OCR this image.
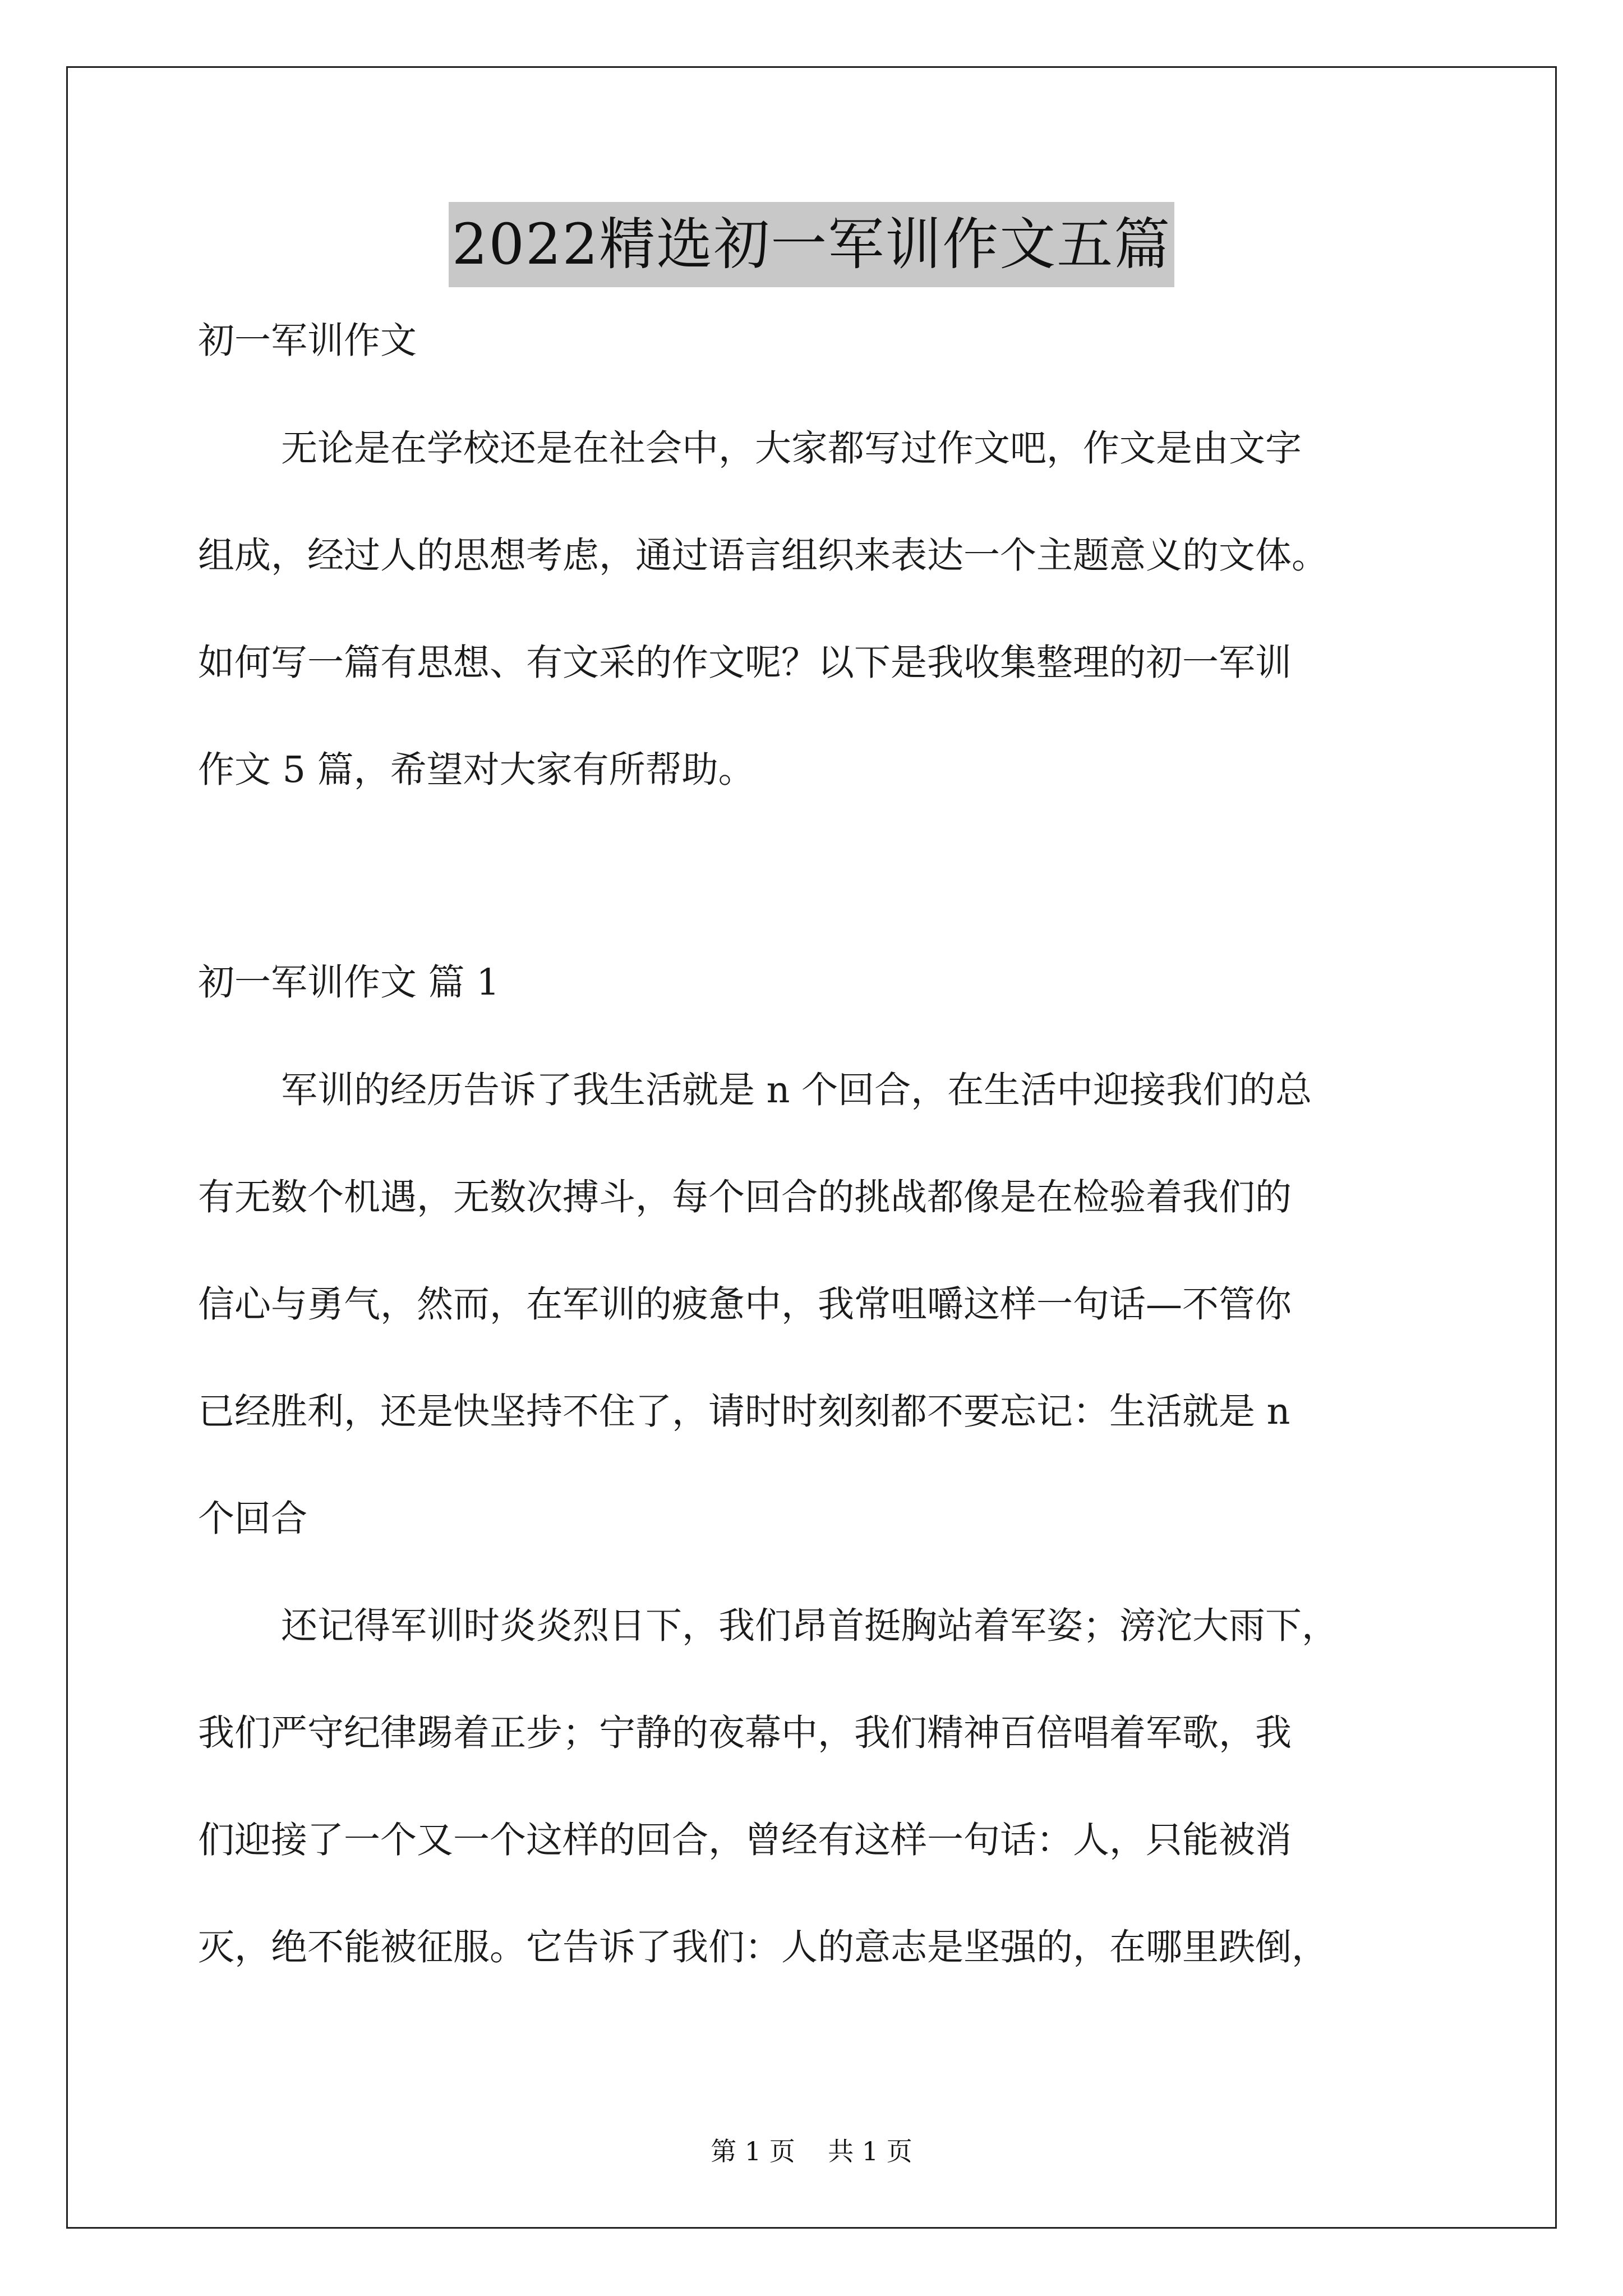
2022精选初一军训作文五篇

初一军训作文

无论是在学校还是在社会中，大家都写过作文吧，作文是由文字

组成，经过人的思想考虑，通过语言组织来表达一个主题意义的文体。

如何写一篇有思想、有文采的作文呢？以下是我收集整理的初一军训

作文 5 篇，希望对大家有所帮助。

初一军训作文 篇 1

军训的经历告诉了我生活就是 n 个回合，在生活中迎接我们的总

有无数个机遇，无数次搏斗，每个回合的挑战都像是在检验着我们的

信心与勇气，然而，在军训的疲惫中，我常咀嚼这样一句话—不管你

已经胜利，还是快坚持不住了，请时时刻刻都不要忘记：生活就是 n

个回合

还记得军训时炎炎烈日下，我们昂首挺胸站着军姿；滂沱大雨下，

我们严守纪律踢着正步；宁静的夜幕中，我们精神百倍唱着军歌，我

们迎接了一个又一个这样的回合，曾经有这样一句话：人，只能被消

灭，绝不能被征服。它告诉了我们：人的意志是坚强的，在哪里跌倒，

第 1 页    共 1 页
